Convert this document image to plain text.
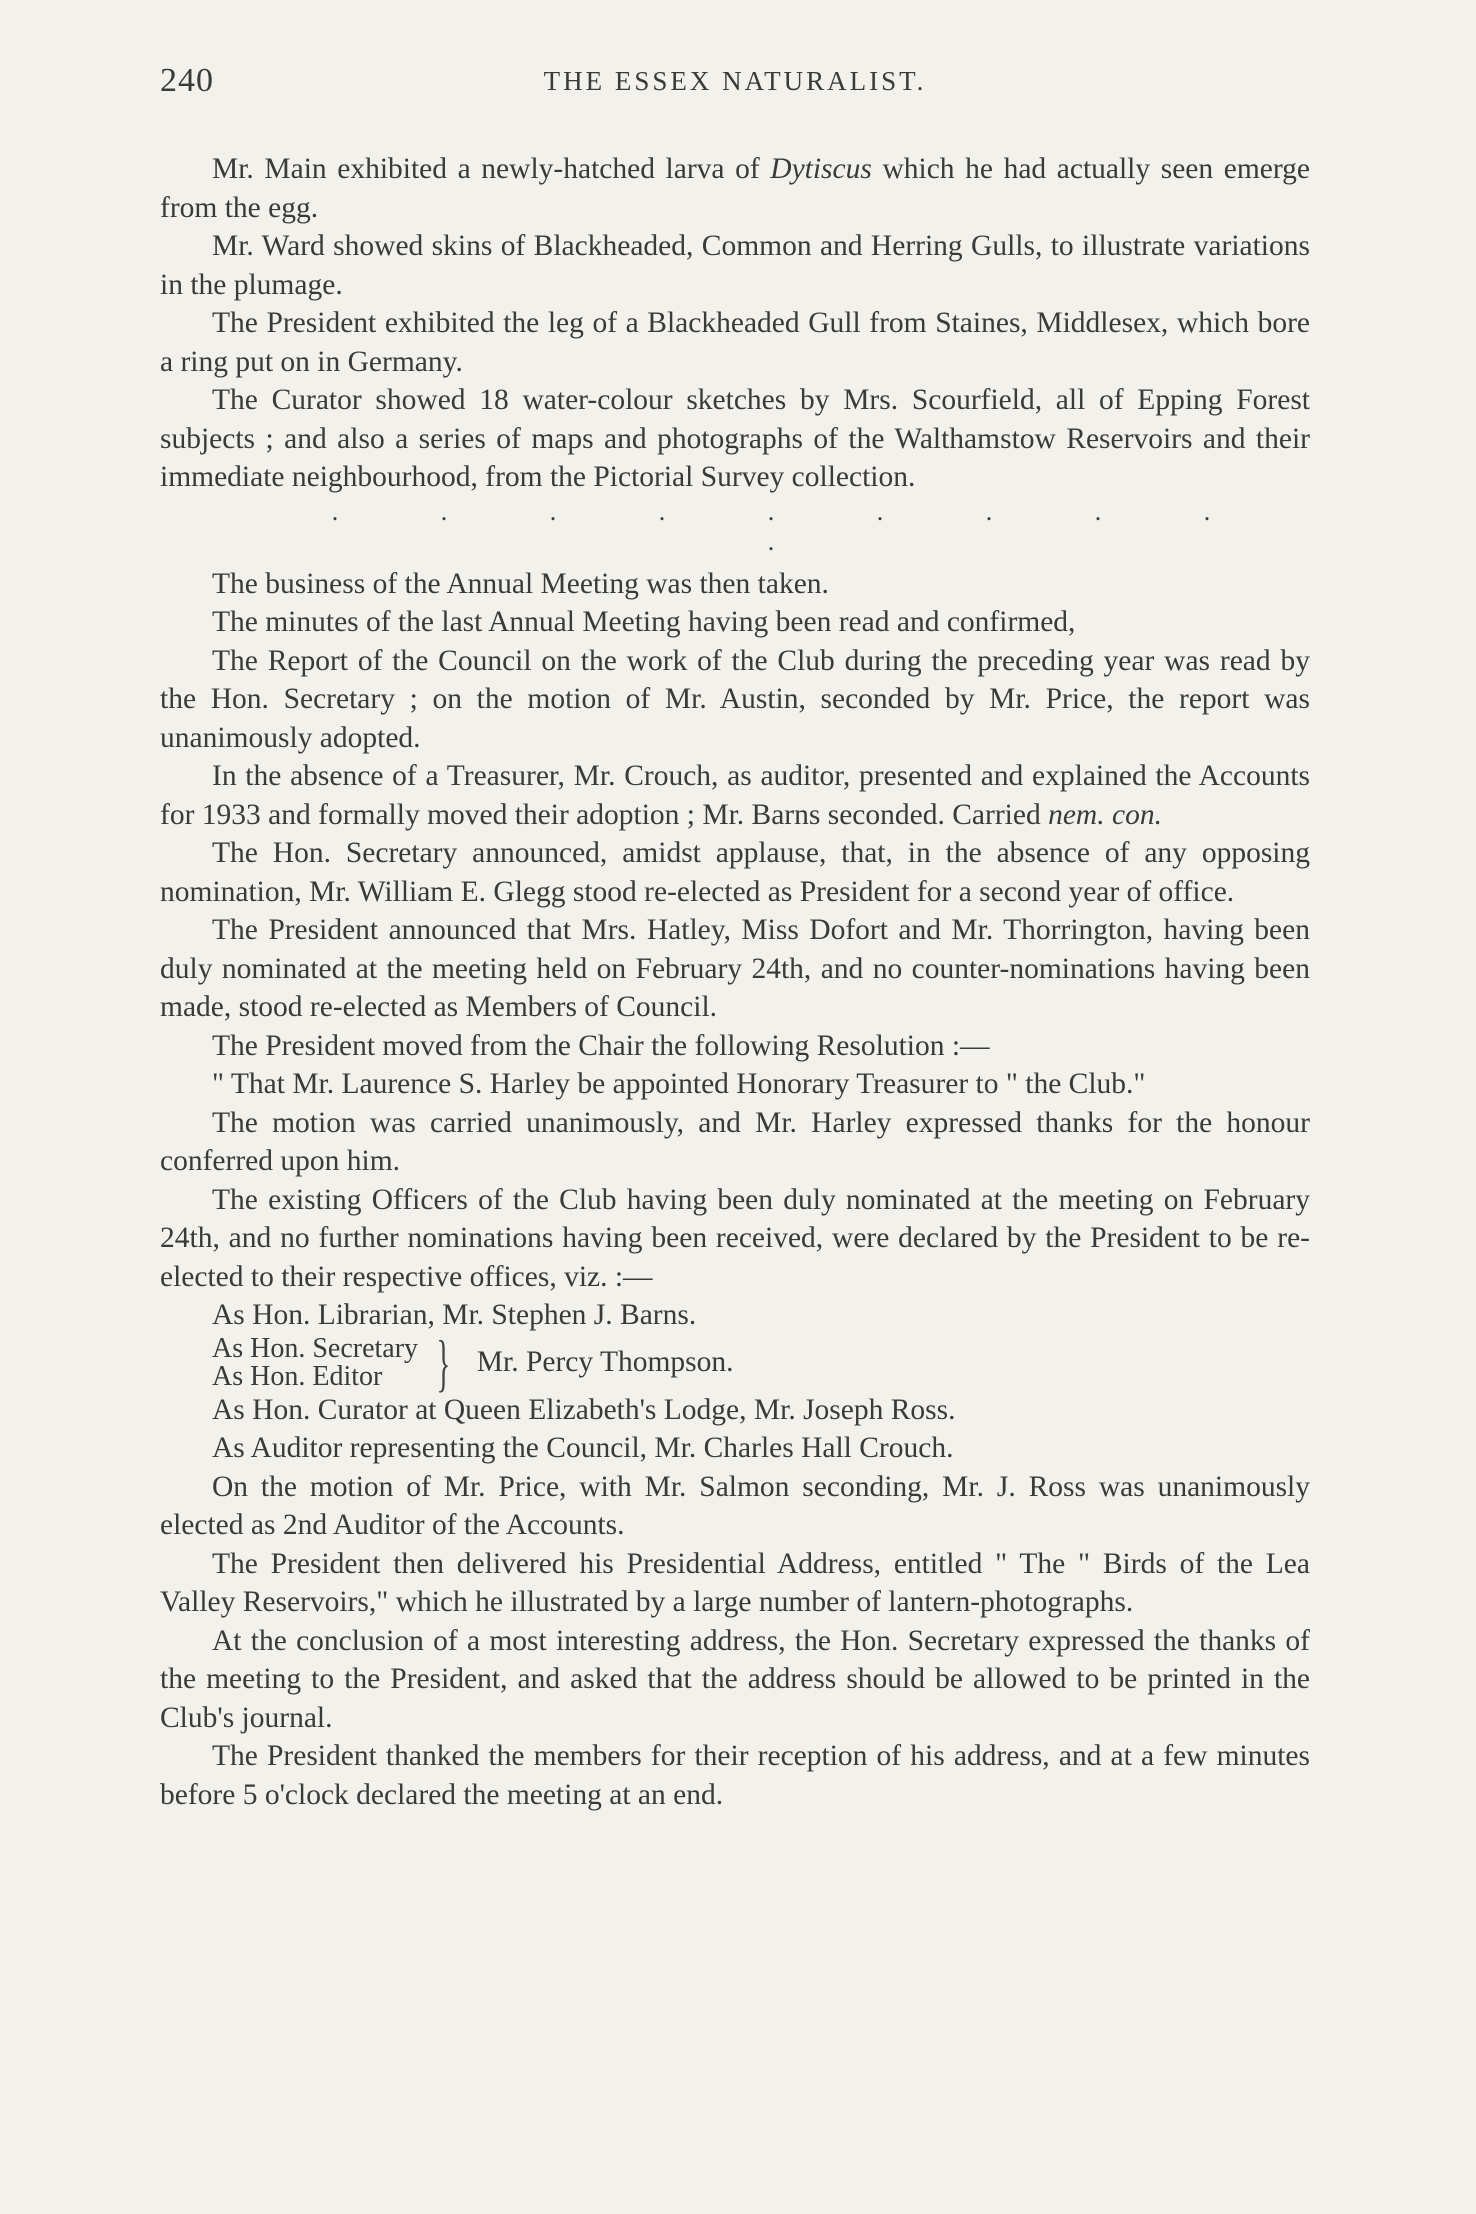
240	THE ESSEX NATURALIST.

Mr. Main exhibited a newly-hatched larva of Dytiscus which he had actually seen emerge from the egg.

Mr. Ward showed skins of Blackheaded, Common and Herring Gulls, to illustrate variations in the plumage.

The President exhibited the leg of a Blackheaded Gull from Staines, Middlesex, which bore a ring put on in Germany.

The Curator showed 18 water-colour sketches by Mrs. Scourfield, all of Epping Forest subjects ; and also a series of maps and photographs of the Walthamstow Reservoirs and their immediate neighbourhood, from the Pictorial Survey collection.

. . . . . . . . . .

The business of the Annual Meeting was then taken.

The minutes of the last Annual Meeting having been read and confirmed,

The Report of the Council on the work of the Club during the preceding year was read by the Hon. Secretary ; on the motion of Mr. Austin, seconded by Mr. Price, the report was unanimously adopted.

In the absence of a Treasurer, Mr. Crouch, as auditor, presented and explained the Accounts for 1933 and formally moved their adoption ; Mr. Barns seconded. Carried nem. con.

The Hon. Secretary announced, amidst applause, that, in the absence of any opposing nomination, Mr. William E. Glegg stood re-elected as President for a second year of office.

The President announced that Mrs. Hatley, Miss Dofort and Mr. Thorrington, having been duly nominated at the meeting held on February 24th, and no counter-nominations having been made, stood re-elected as Members of Council.

The President moved from the Chair the following Resolution :—

" That Mr. Laurence S. Harley be appointed Honorary Treasurer to " the Club."

The motion was carried unanimously, and Mr. Harley expressed thanks for the honour conferred upon him.

The existing Officers of the Club having been duly nominated at the meeting on February 24th, and no further nominations having been received, were declared by the President to be re-elected to their respective offices, viz. :—

As Hon. Librarian, Mr. Stephen J. Barns.

As Hon. Secretary
As Hon. Editor } Mr. Percy Thompson.

As Hon. Curator at Queen Elizabeth's Lodge, Mr. Joseph Ross.

As Auditor representing the Council, Mr. Charles Hall Crouch.

On the motion of Mr. Price, with Mr. Salmon seconding, Mr. J. Ross was unanimously elected as 2nd Auditor of the Accounts.

The President then delivered his Presidential Address, entitled " The " Birds of the Lea Valley Reservoirs," which he illustrated by a large number of lantern-photographs.

At the conclusion of a most interesting address, the Hon. Secretary expressed the thanks of the meeting to the President, and asked that the address should be allowed to be printed in the Club's journal.

The President thanked the members for their reception of his address, and at a few minutes before 5 o'clock declared the meeting at an end.
